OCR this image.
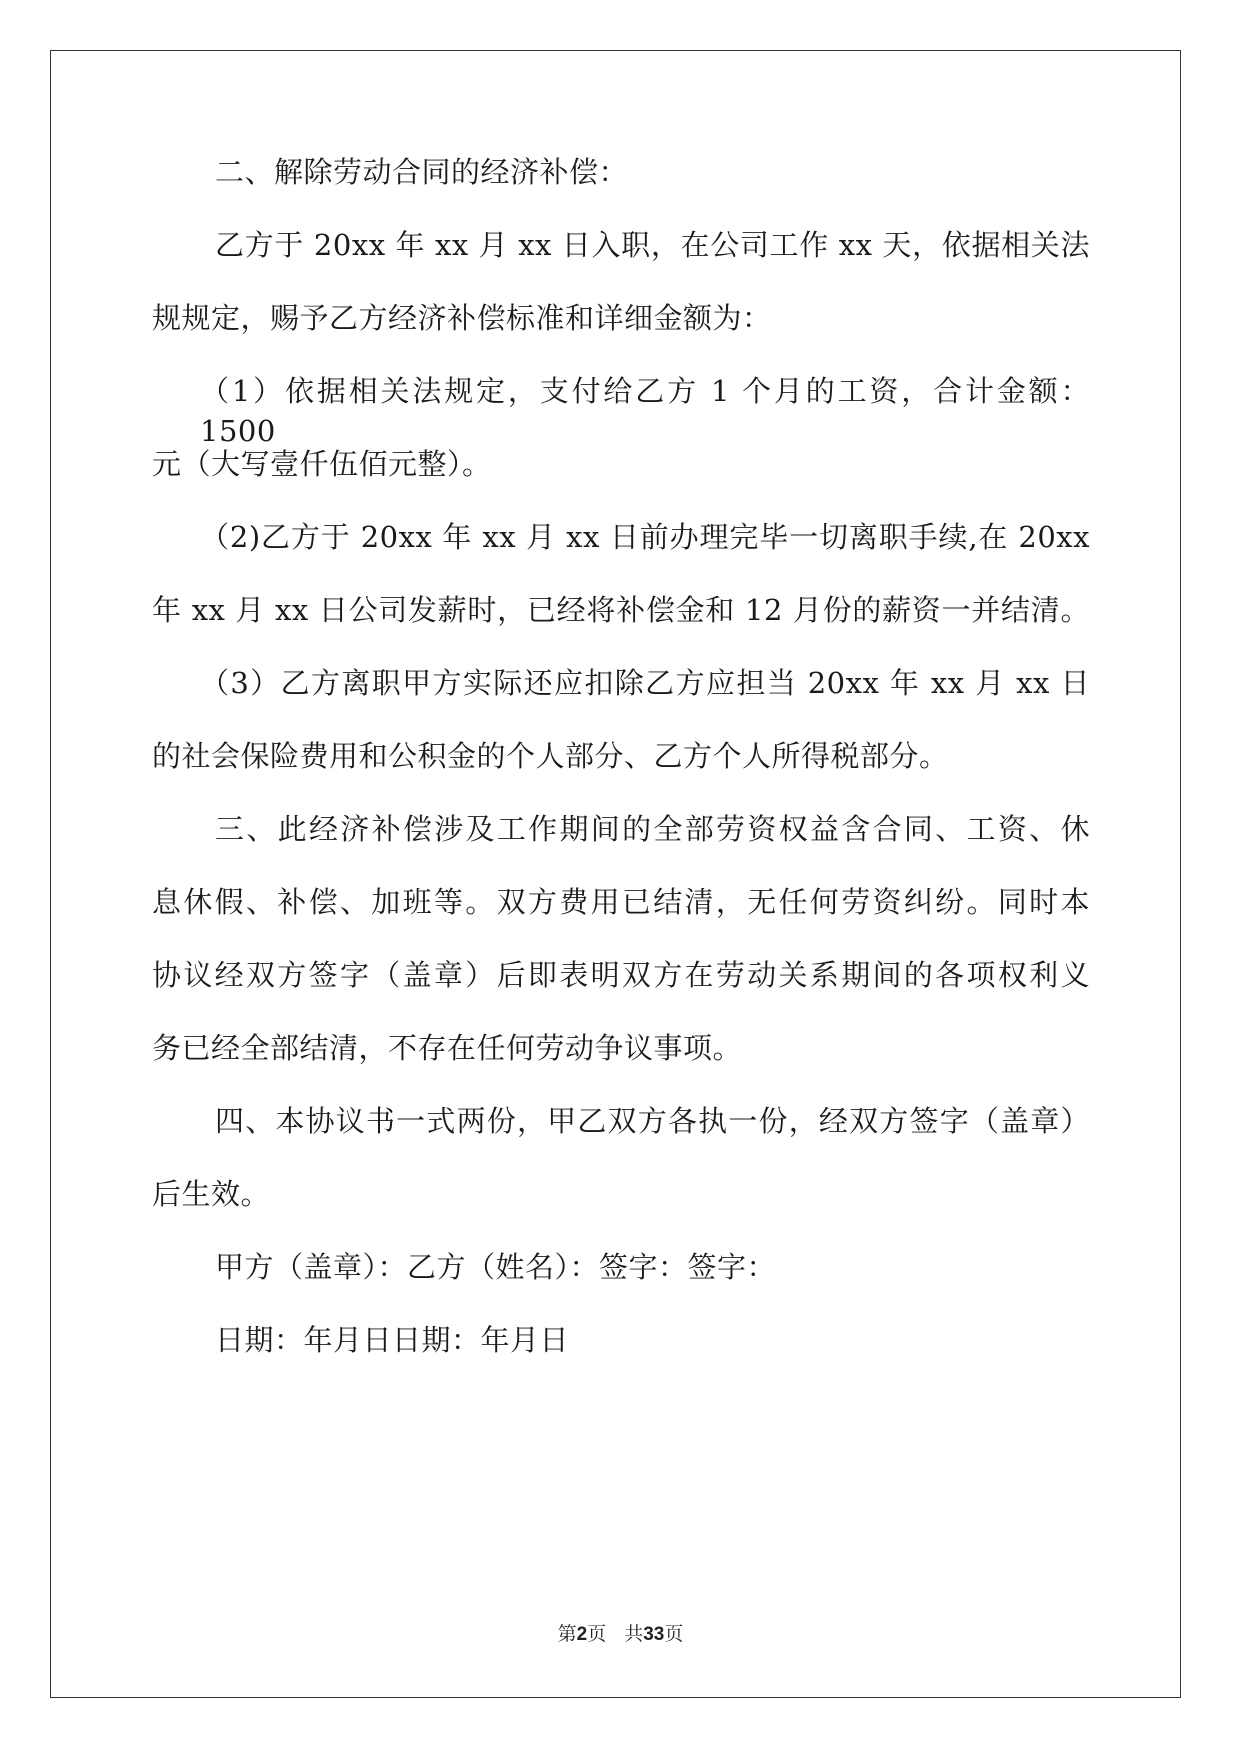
二、解除劳动合同的经济补偿：
乙方于 20xx 年 xx 月 xx 日入职，在公司工作 xx 天，依据相关法
规规定，赐予乙方经济补偿标准和详细金额为：
（1）依据相关法规定，支付给乙方 1 个月的工资，合计金额：1500
元（大写壹仟伍佰元整）。
（2)乙方于 20xx 年 xx 月 xx 日前办理完毕一切离职手续,在 20xx
年 xx 月 xx 日公司发薪时，已经将补偿金和 12 月份的薪资一并结清。
（3）乙方离职甲方实际还应扣除乙方应担当 20xx 年 xx 月 xx 日
的社会保险费用和公积金的个人部分、乙方个人所得税部分。
三、此经济补偿涉及工作期间的全部劳资权益含合同、工资、休
息休假、补偿、加班等。双方费用已结清，无任何劳资纠纷。同时本
协议经双方签字（盖章）后即表明双方在劳动关系期间的各项权利义
务已经全部结清，不存在任何劳动争议事项。
四、本协议书一式两份，甲乙双方各执一份，经双方签字（盖章）
后生效。
甲方（盖章）：乙方（姓名）：签字：签字：
日期：年月日日期：年月日
第2页 共33页
